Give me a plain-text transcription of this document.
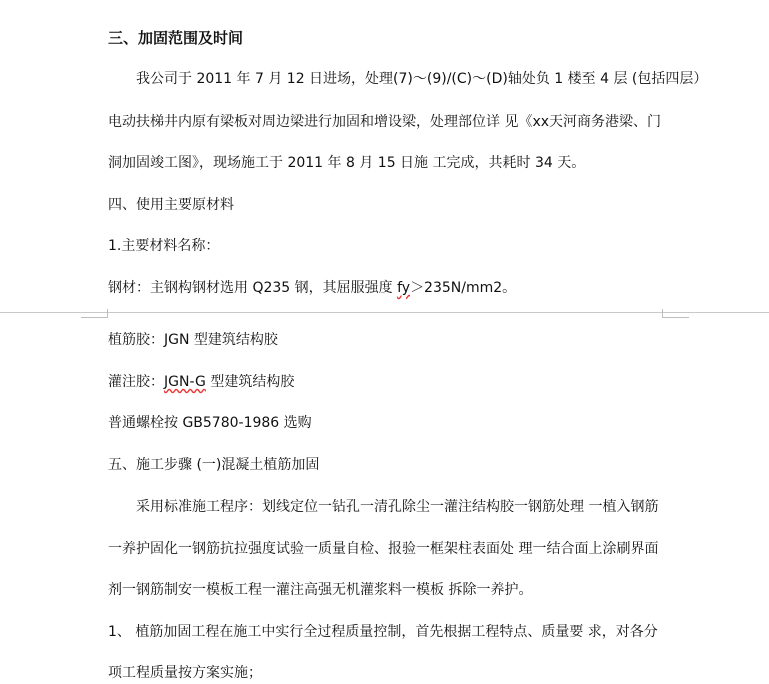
三、加固范围及时间
我公司于 2011 年 7 月 12 日进场，处理(7)～(9)/(C)～(D)轴处负 1 楼至 4 层 (包括四层）
电动扶梯井内原有梁板对周边梁进行加固和增设梁，处理部位详 见《xx天河商务港梁、门
洞加固竣工图》，现场施工于 2011 年 8 月 15 日施 工完成，共耗时 34 天。
四、使用主要原材料
1.主要材料名称：
钢材：主钢构钢材选用 Q235 钢，其屈服强度 fy＞235N/mm2。
植筋胶：JGN 型建筑结构胶
灌注胶：JGN-G 型建筑结构胶
普通螺栓按 GB5780-1986 选购
五、施工步骤 (一)混凝土植筋加固
采用标准施工程序：划线定位一钻孔一清孔除尘一灌注结构胶一钢筋处理 一植入钢筋
一养护固化一钢筋抗拉强度试验一质量自检、报验一框架柱表面处 理一结合面上涂刷界面
剂一钢筋制安一模板工程一灌注高强无机灌浆料一模板 拆除一养护。
1、 植筋加固工程在施工中实行全过程质量控制，首先根据工程特点、质量要 求，对各分
项工程质量按方案实施；
